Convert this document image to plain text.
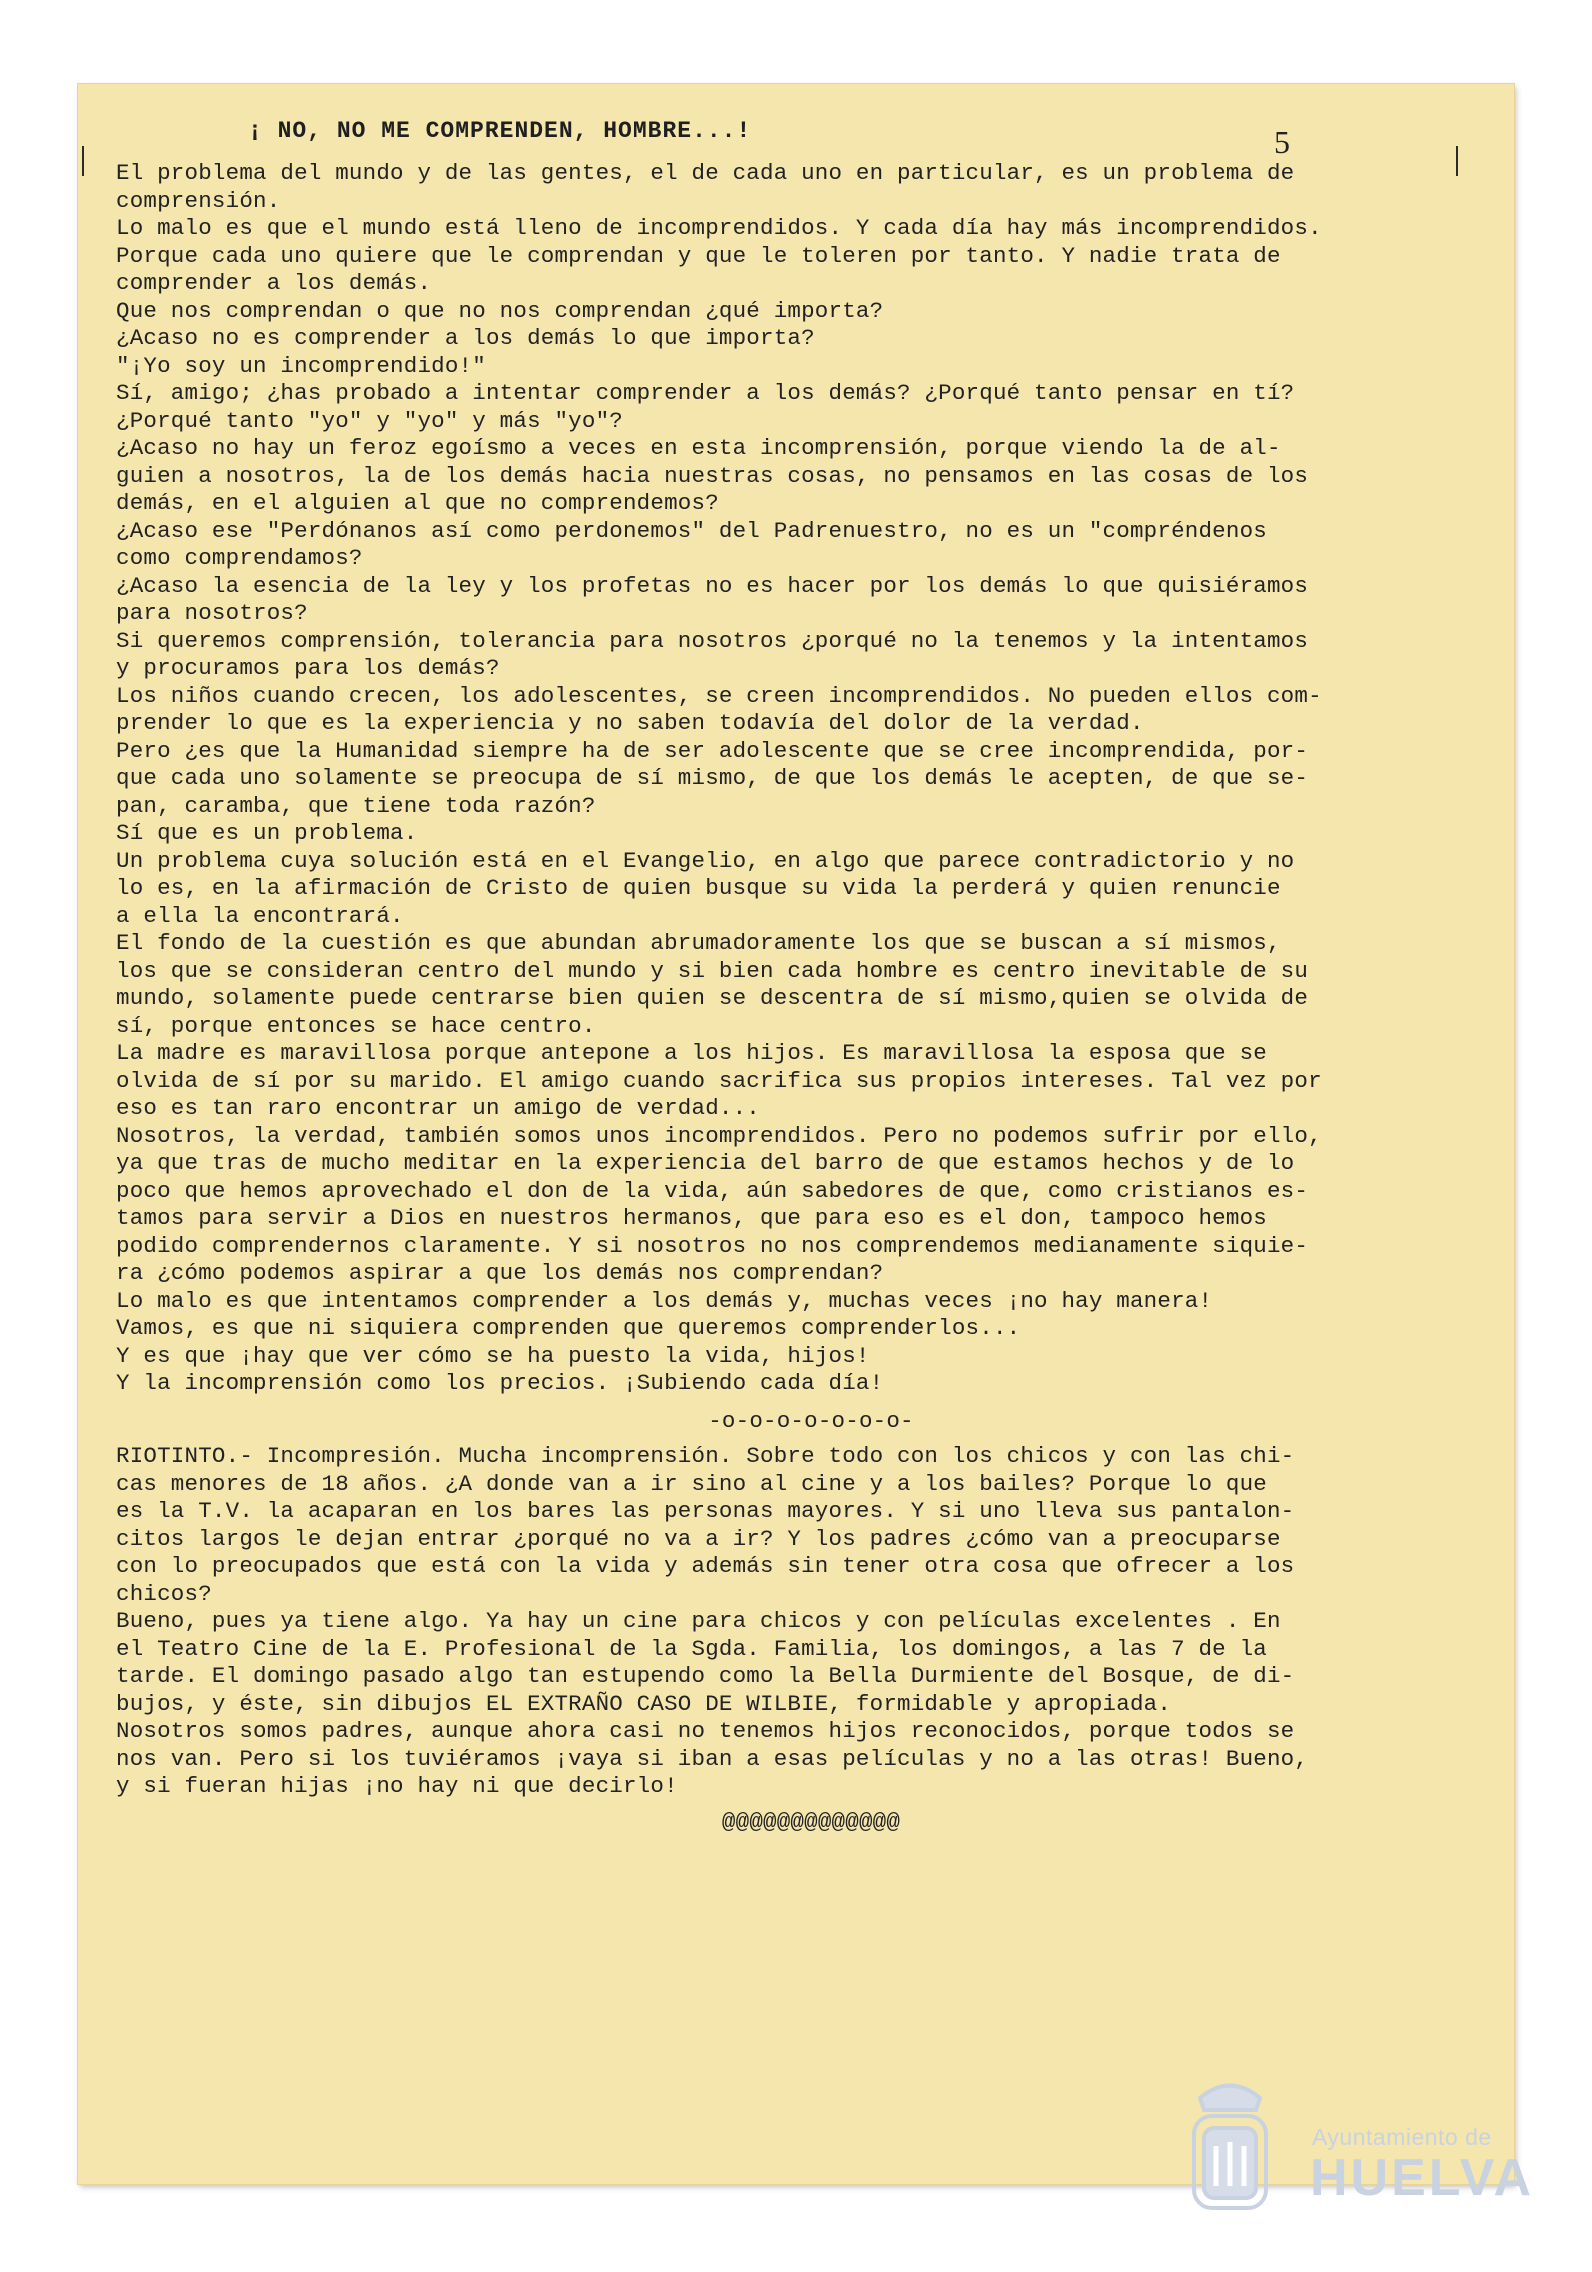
¡ NO, NO ME COMPRENDEN, HOMBRE...!	5
El problema del mundo y de las gentes, el de cada uno en particular, es un problema de
comprensión.
Lo malo es que el mundo está lleno de incomprendidos. Y cada día hay más incomprendidos.
Porque cada uno quiere que le comprendan y que le toleren por tanto. Y nadie trata de
comprender a los demás.
Que nos comprendan o que no nos comprendan ¿qué importa?
¿Acaso no es comprender a los demás lo que importa?
"¡Yo soy un incomprendido!"
Sí, amigo; ¿has probado a intentar comprender a los demás? ¿Porqué tanto pensar en tí?
¿Porqué tanto "yo" y "yo" y más "yo"?
¿Acaso no hay un feroz egoísmo a veces en esta incomprensión, porque viendo la de al-
guien a nosotros, la de los demás hacia nuestras cosas, no pensamos en las cosas de los
demás, en el alguien al que no comprendemos?
¿Acaso ese "Perdónanos así como perdonemos" del Padrenuestro, no es un "compréndenos
como comprendamos?
¿Acaso la esencia de la ley y los profetas no es hacer por los demás lo que quisiéramos
para nosotros?
Si queremos comprensión, tolerancia para nosotros ¿porqué no la tenemos y la intentamos
y procuramos para los demás?
Los niños cuando crecen, los adolescentes, se creen incomprendidos. No pueden ellos com-
prender lo que es la experiencia y no saben todavía del dolor de la verdad.
Pero ¿es que la Humanidad siempre ha de ser adolescente que se cree incomprendida, por-
que cada uno solamente se preocupa de sí mismo, de que los demás le acepten, de que se-
pan, caramba, que tiene toda razón?
Sí que es un problema.
Un problema cuya solución está en el Evangelio, en algo que parece contradictorio y no
lo es, en la afirmación de Cristo de quien busque su vida la perderá y quien renuncie
a ella la encontrará.
El fondo de la cuestión es que abundan abrumadoramente los que se buscan a sí mismos,
los que se consideran centro del mundo y si bien cada hombre es centro inevitable de su
mundo, solamente puede centrarse bien quien se descentra de sí mismo,quien se olvida de
sí, porque entonces se hace centro.
La madre es maravillosa porque antepone a los hijos. Es maravillosa la esposa que se
olvida de sí por su marido. El amigo cuando sacrifica sus propios intereses. Tal vez por
eso es tan raro encontrar un amigo de verdad...
Nosotros, la verdad, también somos unos incomprendidos. Pero no podemos sufrir por ello,
ya que tras de mucho meditar en la experiencia del barro de que estamos hechos y de lo
poco que hemos aprovechado el don de la vida, aún sabedores de que, como cristianos es-
tamos para servir a Dios en nuestros hermanos, que para eso es el don, tampoco hemos
podido comprendernos claramente. Y si nosotros no nos comprendemos medianamente siquie-
ra ¿cómo podemos aspirar a que los demás nos comprendan?
Lo malo es que intentamos comprender a los demás y, muchas veces ¡no hay manera!
Vamos, es que ni siquiera comprenden que queremos comprenderlos...
Y es que ¡hay que ver cómo se ha puesto la vida, hijos!
Y la incomprensión como los precios. ¡Subiendo cada día!
-o-o-o-o-o-o-o-
RIOTINTO.- Incompresión. Mucha incomprensión. Sobre todo con los chicos y con las chi-
cas menores de 18 años. ¿A donde van a ir sino al cine y a los bailes? Porque lo que
es la T.V. la acaparan en los bares las personas mayores. Y si uno lleva sus pantalon-
citos largos le dejan entrar ¿porqué no va a ir? Y los padres ¿cómo van a preocuparse
con lo preocupados que está con la vida y además sin tener otra cosa que ofrecer a los
chicos?
Bueno, pues ya tiene algo. Ya hay un cine para chicos y con películas excelentes . En
el Teatro Cine de la E. Profesional de la Sgda. Familia, los domingos, a las 7 de la
tarde. El domingo pasado algo tan estupendo como la Bella Durmiente del Bosque, de di-
bujos, y éste, sin dibujos EL EXTRAÑO CASO DE WILBIE, formidable y apropiada.
Nosotros somos padres, aunque ahora casi no tenemos hijos reconocidos, porque todos se
nos van. Pero si los tuviéramos ¡vaya si iban a esas películas y no a las otras! Bueno,
y si fueran hijas ¡no hay ni que decirlo!
@@@@@@@@@@@@@
Ayuntamiento de
HUELVA
